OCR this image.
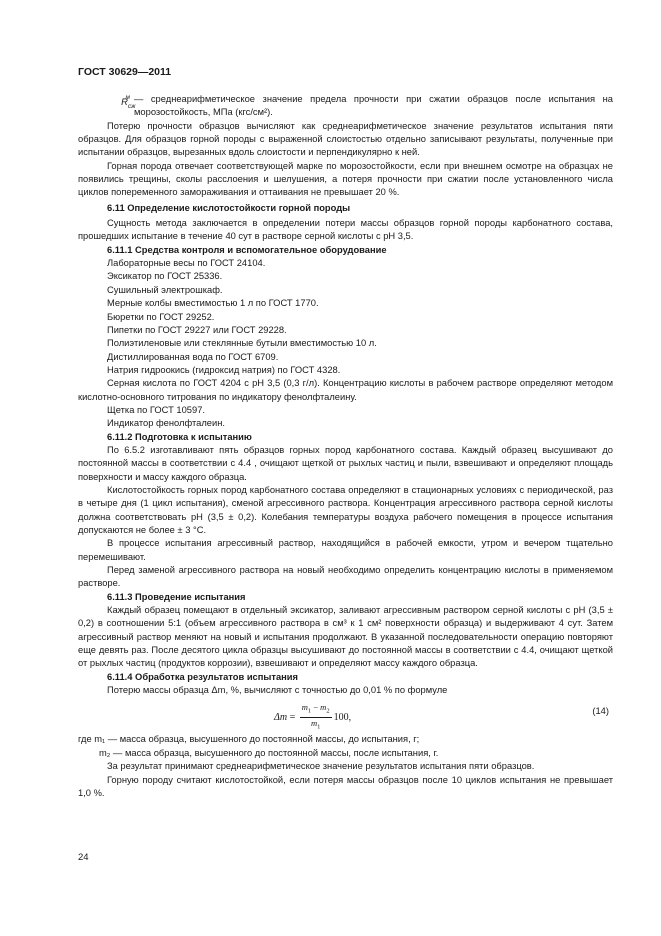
ГОСТ 30629—2011
$R_{сж}^м$ — среднеарифметическое значение предела прочности при сжатии образцов после испытания на морозостойкость, МПа (кгс/см²).

Потерю прочности образцов вычисляют как среднеарифметическое значение результатов испытания пяти образцов. Для образцов горной породы с выраженной слоистостью отдельно записывают результаты, полученные при испытании образцов, вырезанных вдоль слоистости и перпендикулярно к ней.

Горная порода отвечает соответствующей марке по морозостойкости, если при внешнем осмотре на образцах не появились трещины, сколы расслоения и шелушения, а потеря прочности при сжатии после установленного числа циклов попеременного замораживания и оттаивания не превышает 20 %.

6.11 Определение кислотостойкости горной породы

Сущность метода заключается в определении потери массы образцов горной породы карбонатного состава, прошедших испытание в течение 40 сут в растворе серной кислоты с pH 3,5.

6.11.1 Средства контроля и вспомогательное оборудование

Лабораторные весы по ГОСТ 24104.

Эксикатор по ГОСТ 25336.

Сушильный электрошкаф.

Мерные колбы вместимостью 1 л по ГОСТ 1770.

Бюретки по ГОСТ 29252.

Пипетки по ГОСТ 29227 или ГОСТ 29228.

Полиэтиленовые или стеклянные бутыли вместимостью 10 л.

Дистиллированная вода по ГОСТ 6709.

Натрия гидроокись (гидроксид натрия) по ГОСТ 4328.

Серная кислота по ГОСТ 4204 с pH 3,5 (0,3 г/л). Концентрацию кислоты в рабочем растворе определяют методом кислотно-основного титрования по индикатору фенолфталеину.

Щетка по ГОСТ 10597.

Индикатор фенолфталеин.

6.11.2 Подготовка к испытанию

По 6.5.2 изготавливают пять образцов горных пород карбонатного состава. Каждый образец высушивают до постоянной массы в соответствии с 4.4 , очищают щеткой от рыхлых частиц и пыли, взвешивают и определяют площадь поверхности и массу каждого образца.

Кислотостойкость горных пород карбонатного состава определяют в стационарных условиях с периодической, раз в четыре дня (1 цикл испытания), сменой агрессивного раствора. Концентрация агрессивного раствора серной кислоты должна соответствовать pH (3,5 ± 0,2). Колебания температуры воздуха рабочего помещения в процессе испытания допускаются не более ± 3 °С.

В процессе испытания агрессивный раствор, находящийся в рабочей емкости, утром и вечером тщательно перемешивают.

Перед заменой агрессивного раствора на новый необходимо определить концентрацию кислоты в применяемом растворе.

6.11.3 Проведение испытания

Каждый образец помещают в отдельный эксикатор, заливают агрессивным раствором серной кислоты с pH (3,5 ± 0,2) в соотношении 5:1 (объем агрессивного раствора в см³ к 1 см² поверхности образца) и выдерживают 4 сут. Затем агрессивный раствор меняют на новый и испытания продолжают. В указанной последовательности операцию повторяют еще девять раз. После десятого цикла образцы высушивают до постоянной массы в соответствии с 4.4, очищают щеткой от рыхлых частиц (продуктов коррозии), взвешивают и определяют массу каждого образца.

6.11.4 Обработка результатов испытания

Потерю массы образца Δm, %, вычисляют с точностью до 0,01 % по формуле

$\Delta m = \frac{m_1 - m_2}{m_1} 100$,
(14)

где m₁ — масса образца, высушенного до постоянной массы, до испытания, г;

m₂ — масса образца, высушенного до постоянной массы, после испытания, г.

За результат принимают среднеарифметическое значение результатов испытания пяти образцов.

Горную породу считают кислотостойкой, если потеря массы образцов после 10 циклов испытания не превышает 1,0 %.

24
